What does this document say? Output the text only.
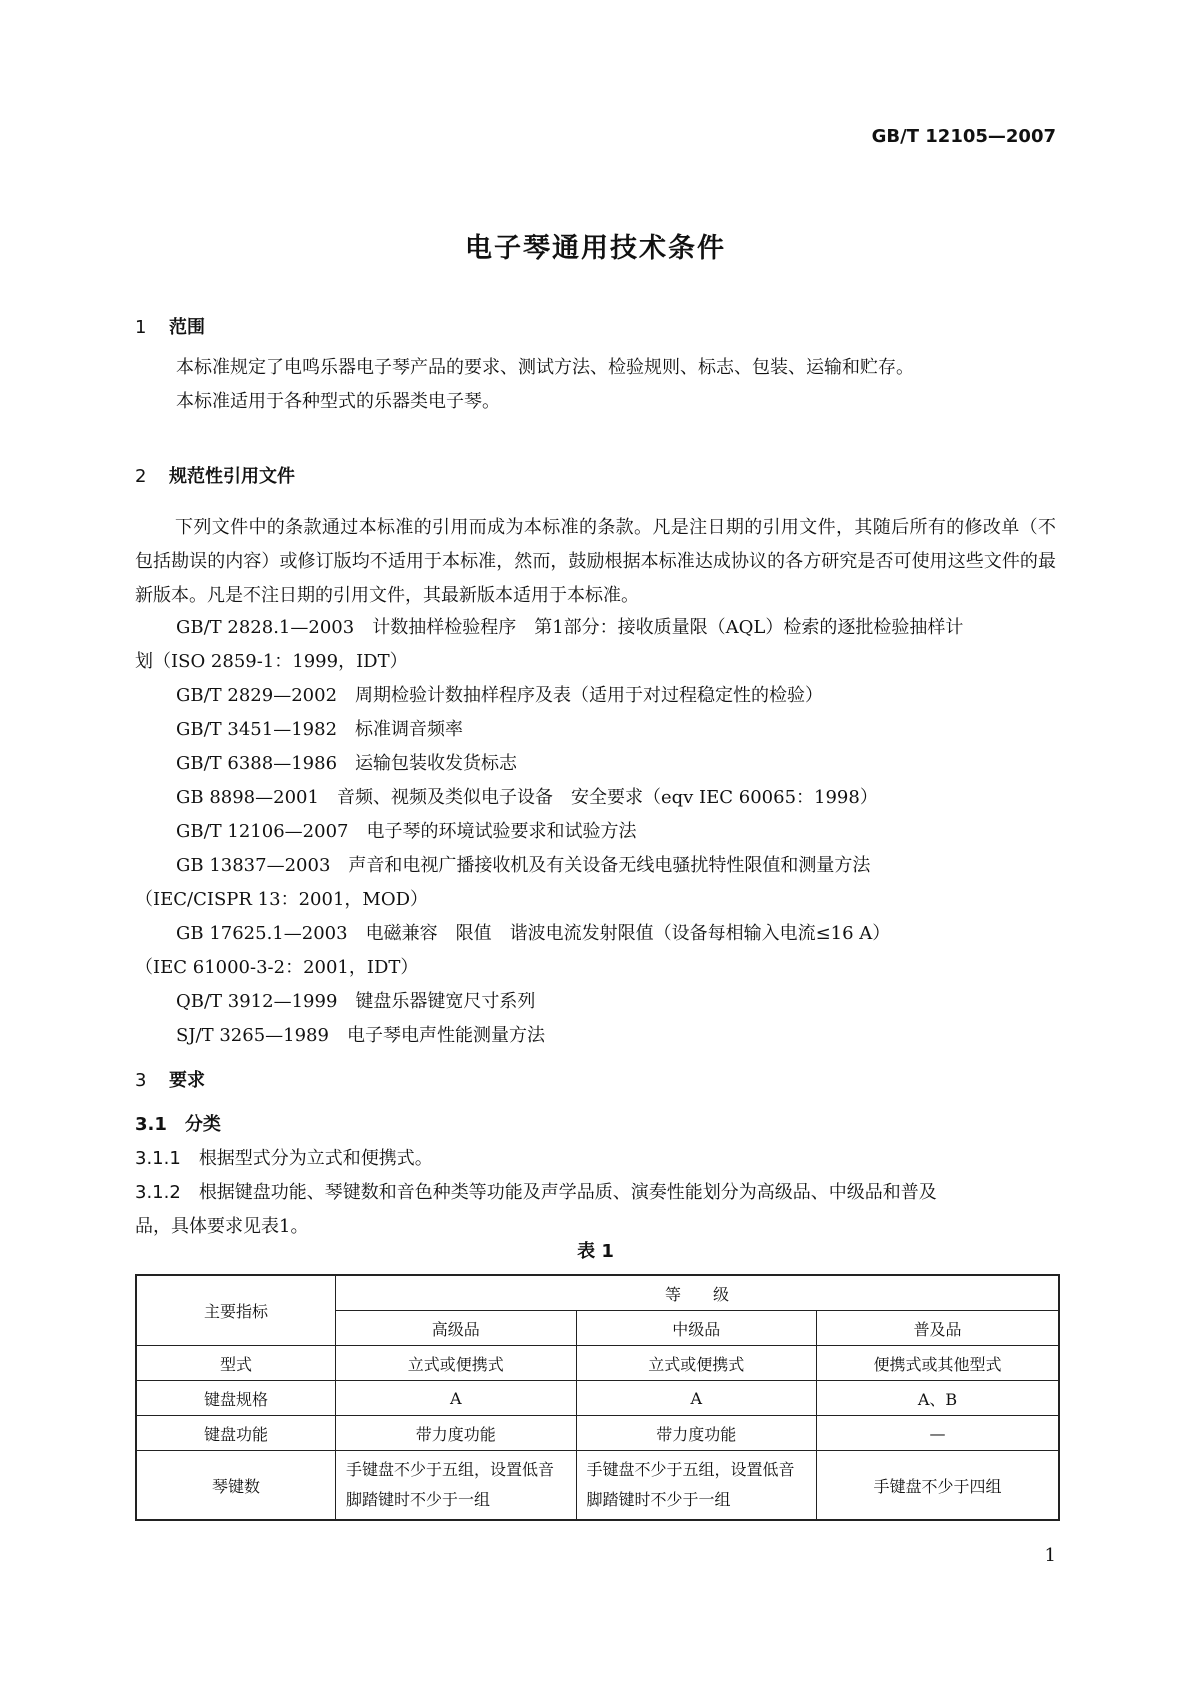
GB/T 12105—2007
电子琴通用技术条件
1 范围
本标准规定了电鸣乐器电子琴产品的要求、测试方法、检验规则、标志、包装、运输和贮存。
本标准适用于各种型式的乐器类电子琴。
2 规范性引用文件
下列文件中的条款通过本标准的引用而成为本标准的条款。凡是注日期的引用文件，其随后所有的修改单（不包括勘误的内容）或修订版均不适用于本标准，然而，鼓励根据本标准达成协议的各方研究是否可使用这些文件的最新版本。凡是不注日期的引用文件，其最新版本适用于本标准。
GB/T 2828.1—2003 计数抽样检验程序　第1部分：接收质量限（AQL）检索的逐批检验抽样计
划（ISO 2859-1：1999，IDT）
GB/T 2829—2002 周期检验计数抽样程序及表（适用于对过程稳定性的检验）
GB/T 3451—1982 标准调音频率
GB/T 6388—1986 运输包装收发货标志
GB 8898—2001 音频、视频及类似电子设备　安全要求（eqv IEC 60065：1998）
GB/T 12106—2007 电子琴的环境试验要求和试验方法
GB 13837—2003 声音和电视广播接收机及有关设备无线电骚扰特性限值和测量方法
（IEC/CISPR 13：2001，MOD）
GB 17625.1—2003 电磁兼容　限值　谐波电流发射限值（设备每相输入电流≤16 A）
（IEC 61000-3-2：2001，IDT）
QB/T 3912—1999 键盘乐器键宽尺寸系列
SJ/T 3265—1989 电子琴电声性能测量方法
3 要求
3.1 分类
3.1.1 根据型式分为立式和便携式。
3.1.2 根据键盘功能、琴键数和音色种类等功能及声学品质、演奏性能划分为高级品、中级品和普及
品，具体要求见表1。
表 1
主要指标	等　　级		
	高级品	中级品	普及品
型式	立式或便携式	立式或便携式	便携式或其他型式
键盘规格	A	A	A、B
键盘功能	带力度功能	带力度功能	—
琴键数	手键盘不少于五组，设置低音脚踏键时不少于一组	手键盘不少于五组，设置低音脚踏键时不少于一组	手键盘不少于四组
1
